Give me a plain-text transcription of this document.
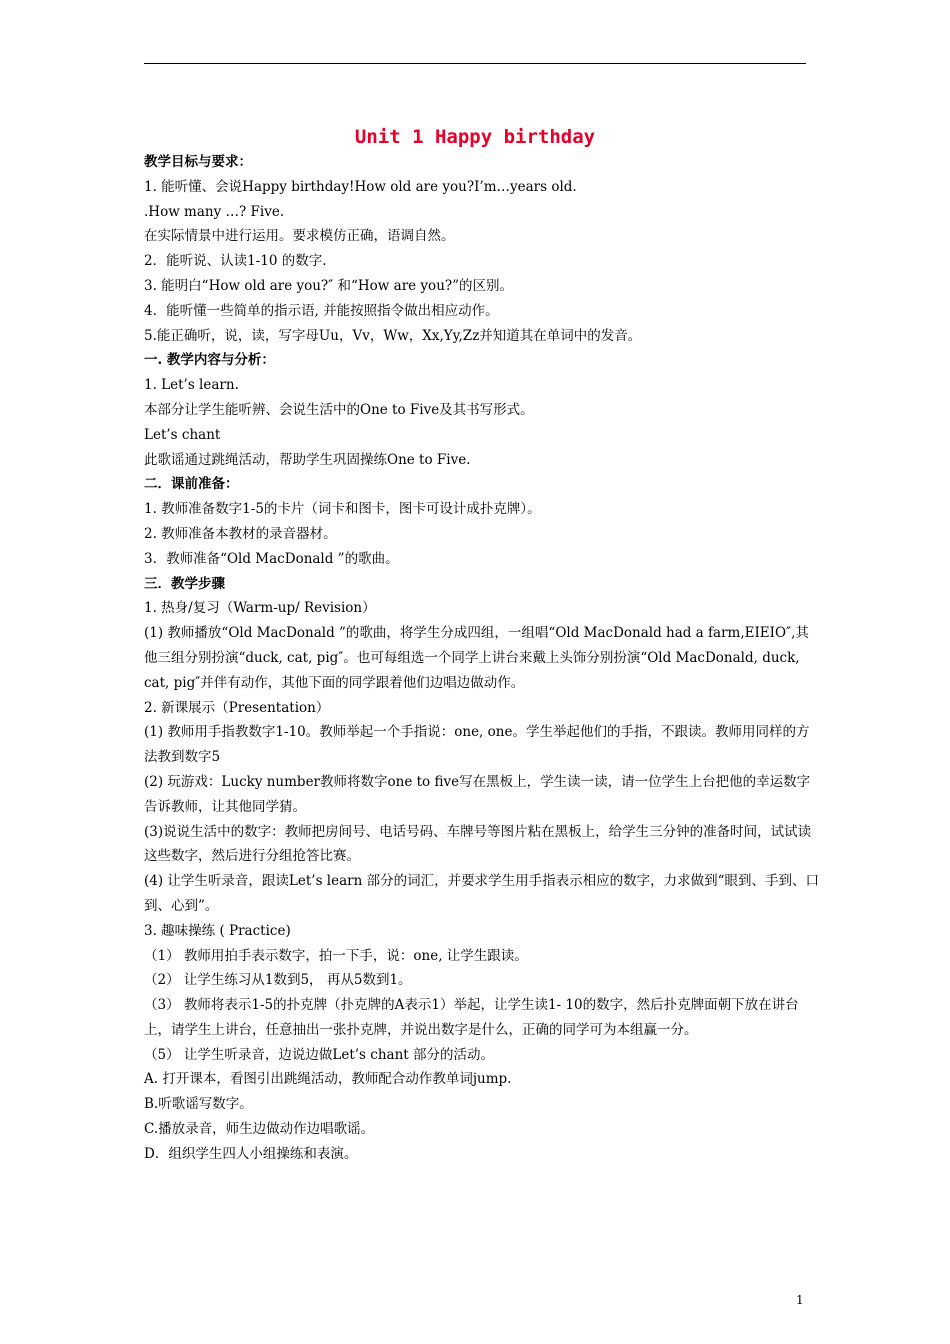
Unit 1 Happy birthday

教学目标与要求：

1. 能听懂、会说Happy birthday!How old are you?I’m…years old.

.How many …? Five.

在实际情景中进行运用。要求模仿正确，语调自然。

2．能听说、认读1-10 的数字.

3. 能明白“How old are you?″ 和“How are you?”的区别。

4．能听懂一些简单的指示语, 并能按照指令做出相应动作。

5.能正确听，说，读，写字母Uu，Vv，Ww，Xx,Yy,Zz并知道其在单词中的发音。

一. 教学内容与分析：

1. Let’s learn.

本部分让学生能听辨、会说生活中的One to Five及其书写形式。

Let’s chant

此歌谣通过跳绳活动，帮助学生巩固操练One to Five.

二．课前准备：

1. 教师准备数字1-5的卡片（词卡和图卡，图卡可设计成扑克牌）。

2. 教师准备本教材的录音器材。

3．教师准备“Old MacDonald ”的歌曲。

三．教学步骤

1. 热身/复习（Warm-up/ Revision）

(1) 教师播放“Old MacDonald ”的歌曲，将学生分成四组，一组唱“Old MacDonald had a farm,EIEIO″,其他三组分别扮演“duck, cat, pig″。也可每组选一个同学上讲台来戴上头饰分别扮演“Old MacDonald, duck, cat, pig″并伴有动作，其他下面的同学跟着他们边唱边做动作。

2. 新课展示（Presentation）

(1) 教师用手指教数字1-10。教师举起一个手指说：one, one。学生举起他们的手指，不跟读。教师用同样的方法教到数字5

(2) 玩游戏：Lucky number教师将数字one to five写在黑板上，学生读一读，请一位学生上台把他的幸运数字告诉教师，让其他同学猜。

(3)说说生活中的数字：教师把房间号、电话号码、车牌号等图片粘在黑板上，给学生三分钟的准备时间，试试读这些数字，然后进行分组抢答比赛。

(4) 让学生听录音，跟读Let’s learn 部分的词汇，并要求学生用手指表示相应的数字，力求做到“眼到、手到、口到、心到”。

3. 趣味操练 ( Practice)

（1） 教师用拍手表示数字，拍一下手，说：one, 让学生跟读。

（2） 让学生练习从1数到5， 再从5数到1。

（3） 教师将表示1-5的扑克牌（扑克牌的A表示1）举起，让学生读1- 10的数字，然后扑克牌面朝下放在讲台上，请学生上讲台，任意抽出一张扑克牌，并说出数字是什么，正确的同学可为本组赢一分。

（5） 让学生听录音，边说边做Let’s chant 部分的活动。

A. 打开课本，看图引出跳绳活动，教师配合动作教单词jump.

B.听歌谣写数字。

C.播放录音，师生边做动作边唱歌谣。

D．组织学生四人小组操练和表演。

1
